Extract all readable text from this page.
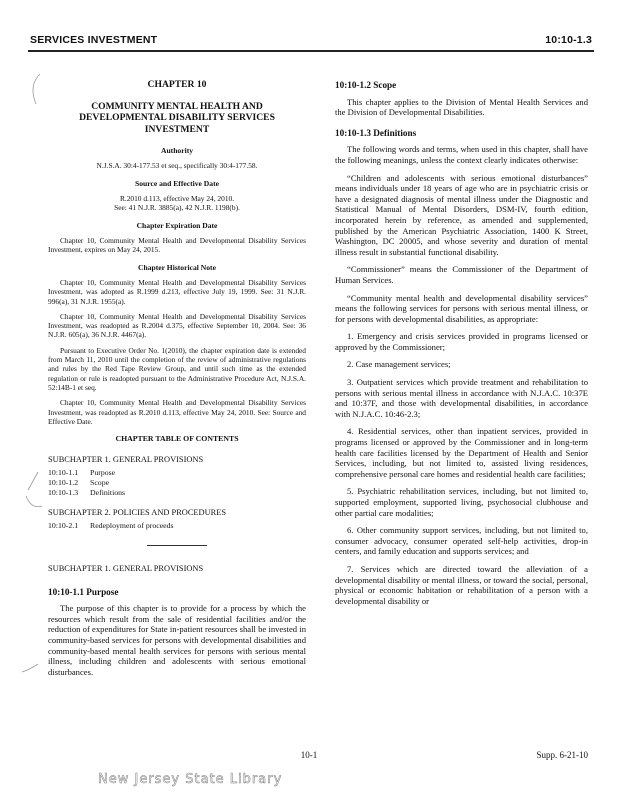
SERVICES INVESTMENT	10:10-1.3
CHAPTER 10
COMMUNITY MENTAL HEALTH AND DEVELOPMENTAL DISABILITY SERVICES INVESTMENT
Authority
N.J.S.A. 30:4-177.53 et seq., specifically 30:4-177.58.
Source and Effective Date
R.2010 d.113, effective May 24, 2010.
See: 41 N.J.R. 3885(a), 42 N.J.R. 1198(b).
Chapter Expiration Date

Chapter 10, Community Mental Health and Developmental Disability Services Investment, expires on May 24, 2015.

Chapter Historical Note

Chapter 10, Community Mental Health and Developmental Disability Services Investment, was adopted as R.1999 d.213, effective July 19, 1999. See: 31 N.J.R. 996(a), 31 N.J.R. 1955(a).

Chapter 10, Community Mental Health and Developmental Disability Services Investment, was readopted as R.2004 d.375, effective September 10, 2004. See: 36 N.J.R. 605(a), 36 N.J.R. 4467(a).

Pursuant to Executive Order No. 1(2010), the chapter expiration date is extended from March 11, 2010 until the completion of the review of administrative regulations and rules by the Red Tape Review Group, and until such time as the extended regulation or rule is readopted pursuant to the Administrative Procedure Act, N.J.S.A. 52:14B-1 et seq.

Chapter 10, Community Mental Health and Developmental Disability Services Investment, was readopted as R.2010 d.113, effective May 24, 2010. See: Source and Effective Date.

CHAPTER TABLE OF CONTENTS
SUBCHAPTER 1. GENERAL PROVISIONS
10:10-1.1 Purpose
10:10-1.2 Scope
10:10-1.3 Definitions
SUBCHAPTER 2. POLICIES AND PROCEDURES
10:10-2.1 Redeployment of proceeds
SUBCHAPTER 1. GENERAL PROVISIONS
10:10-1.1 Purpose

The purpose of this chapter is to provide for a process by which the resources which result from the sale of residential facilities and/or the reduction of expenditures for State in-patient resources shall be invested in community-based services for persons with developmental disabilities and community-based mental health services for persons with serious mental illness, including children and adolescents with serious emotional disturbances.

10:10-1.2 Scope

This chapter applies to the Division of Mental Health Services and the Division of Developmental Disabilities.

10:10-1.3 Definitions

The following words and terms, when used in this chapter, shall have the following meanings, unless the context clearly indicates otherwise:

“Children and adolescents with serious emotional disturbances” means individuals under 18 years of age who are in psychiatric crisis or have a designated diagnosis of mental illness under the Diagnostic and Statistical Manual of Mental Disorders, DSM-IV, fourth edition, incorporated herein by reference, as amended and supplemented, published by the American Psychiatric Association, 1400 K Street, Washington, DC 20005, and whose severity and duration of mental illness result in substantial functional disability.

“Commissioner” means the Commissioner of the Department of Human Services.

“Community mental health and developmental disability services” means the following services for persons with serious mental illness, or for persons with developmental disabilities, as appropriate:

1. Emergency and crisis services provided in programs licensed or approved by the Commissioner;

2. Case management services;

3. Outpatient services which provide treatment and rehabilitation to persons with serious mental illness in accordance with N.J.A.C. 10:37E and 10:37F, and those with developmental disabilities, in accordance with N.J.A.C. 10:46-2.3;

4. Residential services, other than inpatient services, provided in programs licensed or approved by the Commissioner and in long-term health care facilities licensed by the Department of Health and Senior Services, including, but not limited to, assisted living residences, comprehensive personal care homes and residential health care facilities;

5. Psychiatric rehabilitation services, including, but not limited to, supported employment, supported living, psychosocial clubhouse and other partial care modalities;

6. Other community support services, including, but not limited to, consumer advocacy, consumer operated self-help activities, drop-in centers, and family education and supports services; and

7. Services which are directed toward the alleviation of a developmental disability or mental illness, or toward the social, personal, physical or economic habitation or rehabilitation of a person with a developmental disability or

10-1	Supp. 6-21-10
New Jersey State Library
